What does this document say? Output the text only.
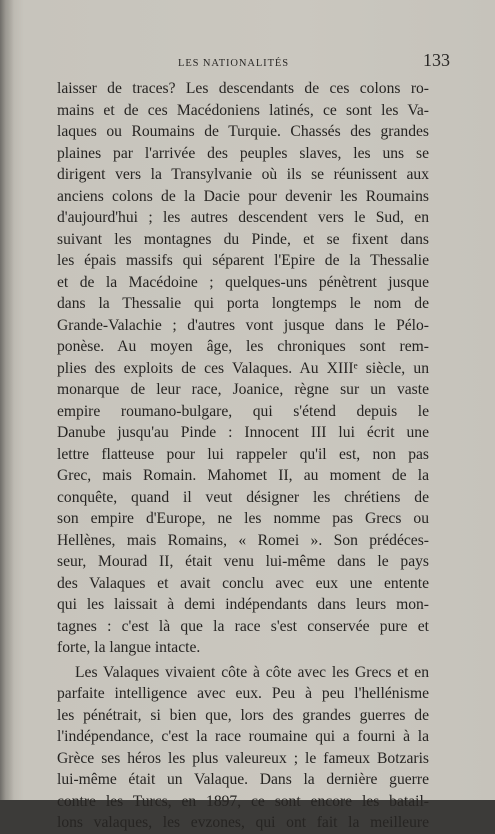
LES NATIONALITÉS	133
laisser de traces? Les descendants de ces colons ro-
mains et de ces Macédoniens latinés, ce sont les Va-
laques ou Roumains de Turquie. Chassés des grandes
plaines par l'arrivée des peuples slaves, les uns se
dirigent vers la Transylvanie où ils se réunissent aux
anciens colons de la Dacie pour devenir les Roumains
d'aujourd'hui ; les autres descendent vers le Sud, en
suivant les montagnes du Pinde, et se fixent dans
les épais massifs qui séparent l'Epire de la Thessalie
et de la Macédoine ; quelques-uns pénètrent jusque
dans la Thessalie qui porta longtemps le nom de
Grande-Valachie ; d'autres vont jusque dans le Pélo-
ponèse. Au moyen âge, les chroniques sont rem-
plies des exploits de ces Valaques. Au XIIIᵉ siècle, un
monarque de leur race, Joanice, règne sur un vaste
empire roumano-bulgare, qui s'étend depuis le
Danube jusqu'au Pinde : Innocent III lui écrit une
lettre flatteuse pour lui rappeler qu'il est, non pas
Grec, mais Romain. Mahomet II, au moment de la
conquête, quand il veut désigner les chrétiens de
son empire d'Europe, ne les nomme pas Grecs ou
Hellènes, mais Romains, « Romei ». Son prédéces-
seur, Mourad II, était venu lui-même dans le pays
des Valaques et avait conclu avec eux une entente
qui les laissait à demi indépendants dans leurs mon-
tagnes : c'est là que la race s'est conservée pure et
forte, la langue intacte.
Les Valaques vivaient côte à côte avec les Grecs et en
parfaite intelligence avec eux. Peu à peu l'hellénisme
les pénétrait, si bien que, lors des grandes guerres de
l'indépendance, c'est la race roumaine qui a fourni à la
Grèce ses héros les plus valeureux ; le fameux Botzaris
lui-même était un Valaque. Dans la dernière guerre
contre les Turcs, en 1897, ce sont encore les batail-
lons valaques, les evzones, qui ont fait la meilleure
